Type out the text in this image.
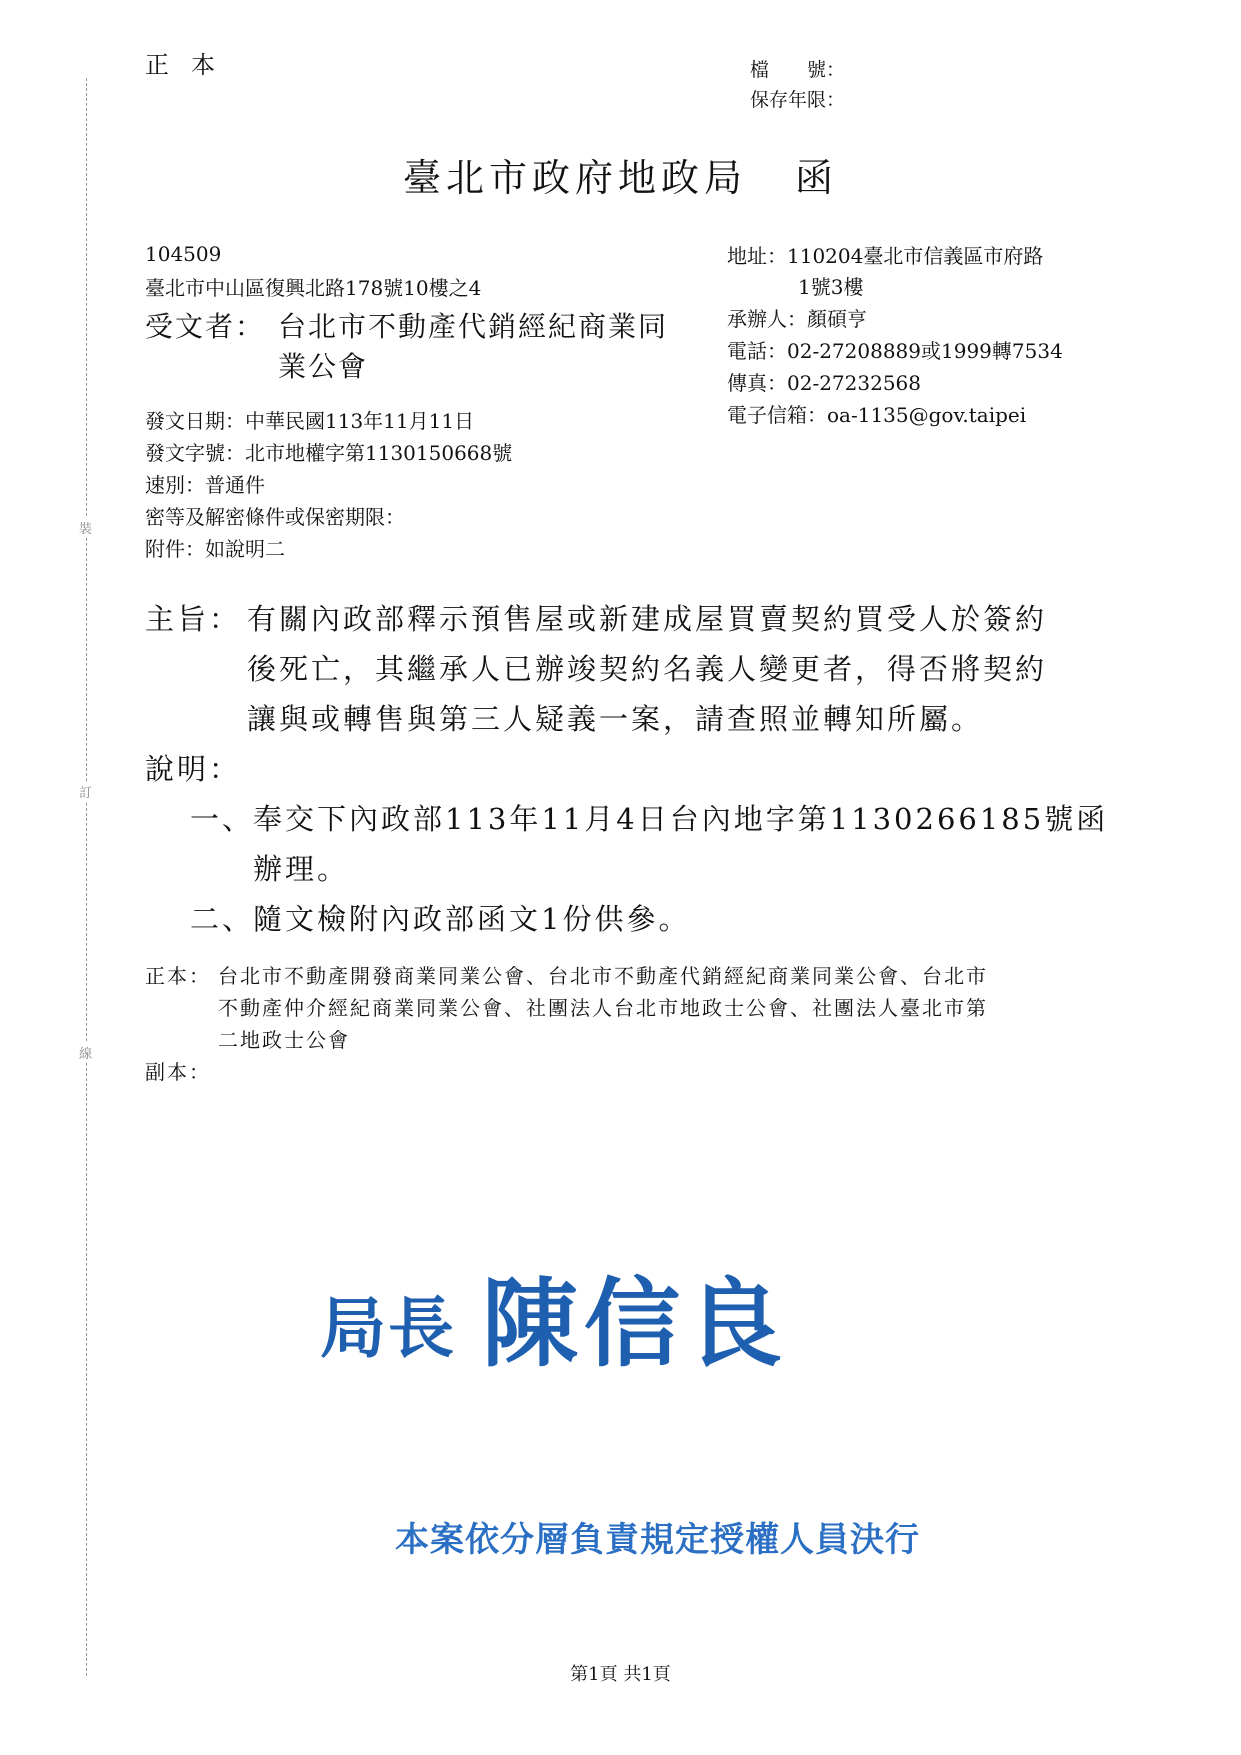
裝
訂
線
正本	檔　　號：
保存年限：
臺北市政府地政局 函
104509
臺北市中山區復興北路178號10樓之4
受文者： 台北市不動產代銷經紀商業同
業公會
地址：110204臺北市信義區市府路
1號3樓
承辦人：顏碩亨
電話：02-27208889或1999轉7534
傳真：02-27232568
電子信箱：oa-1135@gov.taipei
發文日期：中華民國113年11月11日
發文字號：北市地權字第1130150668號
速別：普通件
密等及解密條件或保密期限：
附件：如說明二
主旨： 有關內政部釋示預售屋或新建成屋買賣契約買受人於簽約
後死亡，其繼承人已辦竣契約名義人變更者，得否將契約
讓與或轉售與第三人疑義一案，請查照並轉知所屬。
說明：
一、
奉交下內政部113年11月4日台內地字第1130266185號函
辦理。
二、
隨文檢附內政部函文1份供參。
正本： 台北市不動產開發商業同業公會、台北市不動產代銷經紀商業同業公會、台北市
不動產仲介經紀商業同業公會、社團法人台北市地政士公會、社團法人臺北市第
二地政士公會
副本：
局長 陳信良
本案依分層負責規定授權人員決行
第1頁 共1頁
